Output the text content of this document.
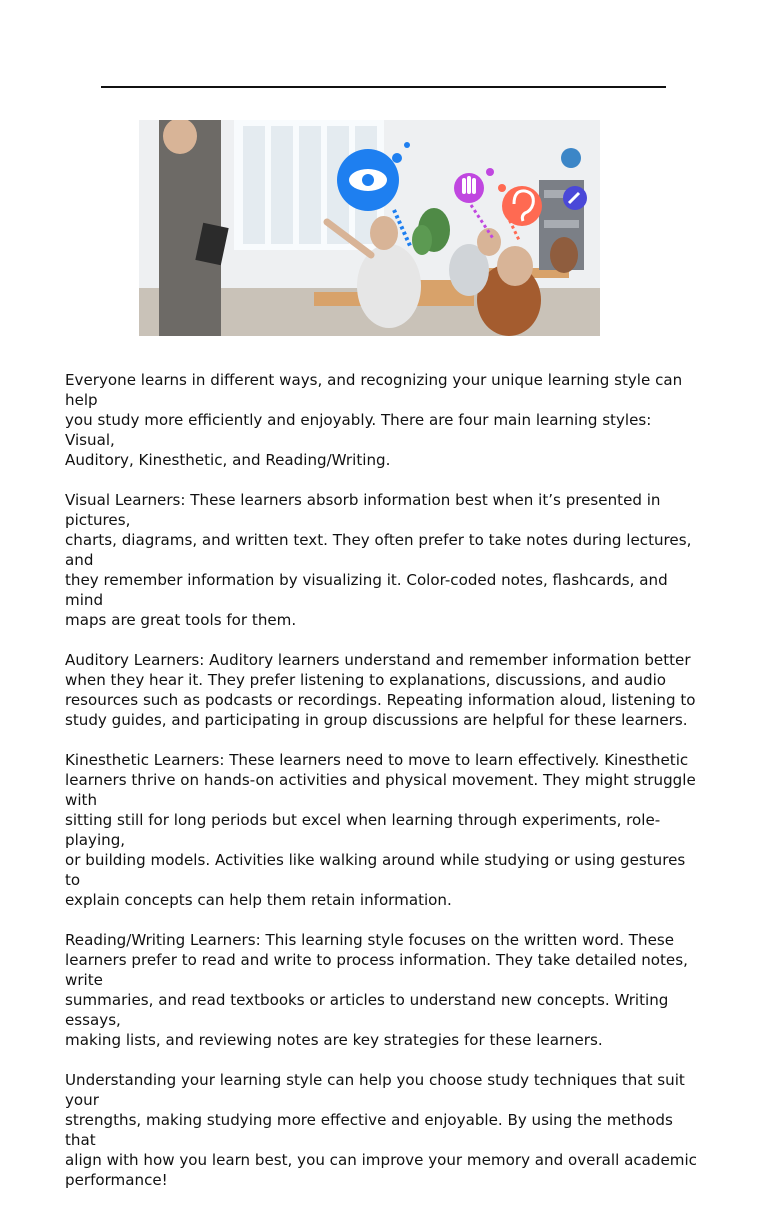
Everyone learns in different ways, and recognizing your unique learning style can help
you study more efficiently and enjoyably. There are four main learning styles: Visual,
Auditory, Kinesthetic, and Reading/Writing.

Visual Learners: These learners absorb information best when it’s presented in pictures,
charts, diagrams, and written text. They often prefer to take notes during lectures, and
they remember information by visualizing it. Color-coded notes, flashcards, and mind
maps are great tools for them.

Auditory Learners: Auditory learners understand and remember information better
when they hear it. They prefer listening to explanations, discussions, and audio
resources such as podcasts or recordings. Repeating information aloud, listening to
study guides, and participating in group discussions are helpful for these learners.

Kinesthetic Learners: These learners need to move to learn effectively. Kinesthetic
learners thrive on hands-on activities and physical movement. They might struggle with
sitting still for long periods but excel when learning through experiments, role-playing,
or building models. Activities like walking around while studying or using gestures to
explain concepts can help them retain information.

Reading/Writing Learners: This learning style focuses on the written word. These
learners prefer to read and write to process information. They take detailed notes, write
summaries, and read textbooks or articles to understand new concepts. Writing essays,
making lists, and reviewing notes are key strategies for these learners.

Understanding your learning style can help you choose study techniques that suit your
strengths, making studying more effective and enjoyable. By using the methods that
align with how you learn best, you can improve your memory and overall academic
performance!
